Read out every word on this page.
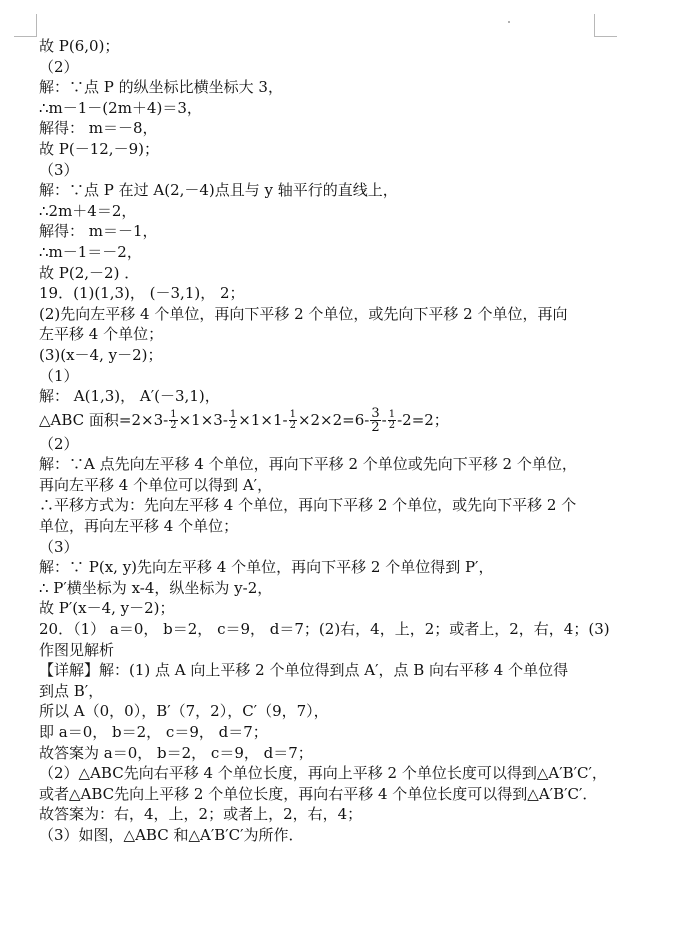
故 P(6,0)；
（2）
解：∵点 P 的纵坐标比横坐标大 3，
∴m－1－(2m＋4)＝3，
解得： m＝－8，
故 P(－12,－9)；
（3）
解：∵点 P 在过 A(2,－4)点且与 y 轴平行的直线上，
∴2m＋4＝2，
解得： m＝－1，
∴m－1＝－2，
故 P(2,－2) ．
19．(1)(1,3)， (－3,1)， 2；
(2)先向左平移 4 个单位，再向下平移 2 个单位，或先向下平移 2 个单位，再向
左平移 4 个单位；
(3)(x－4, y－2)；
（1）
解： A(1,3)， A′(－3,1)，
△ABC 面积$=2\times 3- \frac{1}{2} \times 1\times 3- \frac{1}{2} \times 1\times 1- \frac{1}{2} \times 2\times 2=6- \frac{3}{2} - \frac{1}{2} -2=2$；
（2）
解：∵A 点先向左平移 4 个单位，再向下平移 2 个单位或先向下平移 2 个单位，
再向左平移 4 个单位可以得到 A′，
∴平移方式为：先向左平移 4 个单位，再向下平移 2 个单位，或先向下平移 2 个
单位，再向左平移 4 个单位；
（3）
解：∵ P(x, y)先向左平移 4 个单位，再向下平移 2 个单位得到 P′，
∴ P′横坐标为 x-4，纵坐标为 y-2，
故 P′(x－4, y－2)；
20．（1） a＝0， b＝2， c＝9， d＝7；(2)右，4，上，2；或者上，2，右，4；(3)
作图见解析
【详解】解：(1) 点 A 向上平移 2 个单位得到点 A′，点 B 向右平移 4 个单位得
到点 B′，
所以 A（0，0），B′（7，2），C′（9，7），
即 a＝0， b＝2， c＝9， d＝7；
故答案为 a＝0， b＝2， c＝9， d＝7；
（2）△ABC先向右平移 4 个单位长度，再向上平移 2 个单位长度可以得到△A′B′C′，
或者△ABC先向上平移 2 个单位长度，再向右平移 4 个单位长度可以得到△A′B′C′．
故答案为：右，4，上，2；或者上，2，右，4；
（3）如图，△ABC 和△A′B′C′为所作．
